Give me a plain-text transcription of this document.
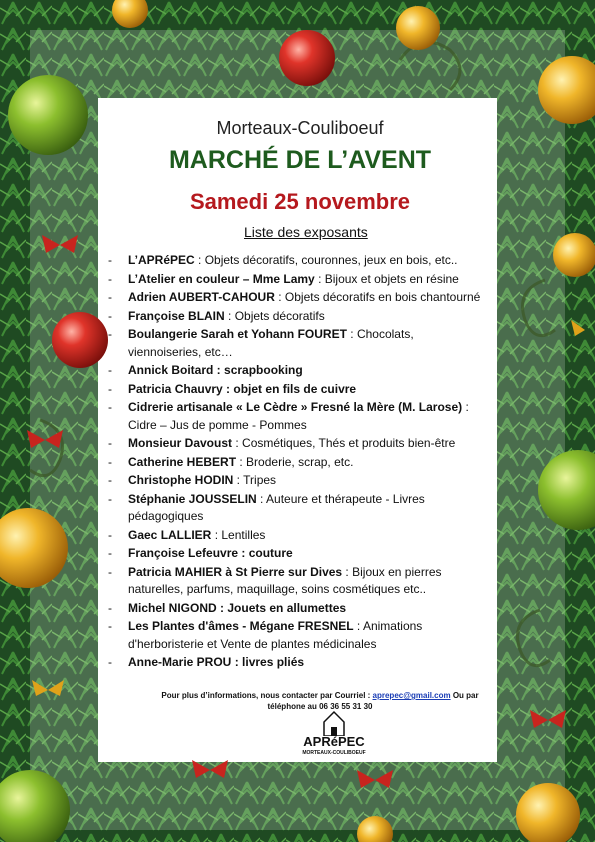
Morteaux-Couliboeuf
MARCHÉ DE L’AVENT
Samedi 25 novembre
Liste des exposants
- L’APRéPEC : Objets décoratifs, couronnes, jeux en bois, etc..
- L’Atelier en couleur – Mme Lamy : Bijoux et objets en résine
- Adrien AUBERT-CAHOUR : Objets décoratifs en bois chantourné
- Françoise BLAIN : Objets décoratifs
- Boulangerie Sarah et Yohann FOURET : Chocolats, viennoiseries, etc…
- Annick Boitard : scrapbooking
- Patricia Chauvry : objet en fils de cuivre
- Cidrerie artisanale « Le Cèdre » Fresné la Mère (M. Larose) : Cidre – Jus de pomme - Pommes
- Monsieur Davoust : Cosmétiques, Thés et produits bien-être
- Catherine HEBERT : Broderie, scrap, etc.
- Christophe HODIN : Tripes
- Stéphanie JOUSSELIN : Auteure et thérapeute - Livres pédagogiques
- Gaec LALLIER : Lentilles
- Françoise Lefeuvre : couture
- Patricia MAHIER à St Pierre sur Dives : Bijoux en pierres naturelles, parfums, maquillage, soins cosmétiques etc..
- Michel NIGOND : Jouets en allumettes
- Les Plantes d'âmes - Mégane FRESNEL : Animations d'herboristerie et Vente de plantes médicinales
- Anne-Marie PROU : livres pliés
Pour plus d’informations, nous contacter par Courriel : aprepec@gmail.com Ou par téléphone au 06 36 55 31 30
APRéPEC
MORTEAUX-COULIBOEUF
